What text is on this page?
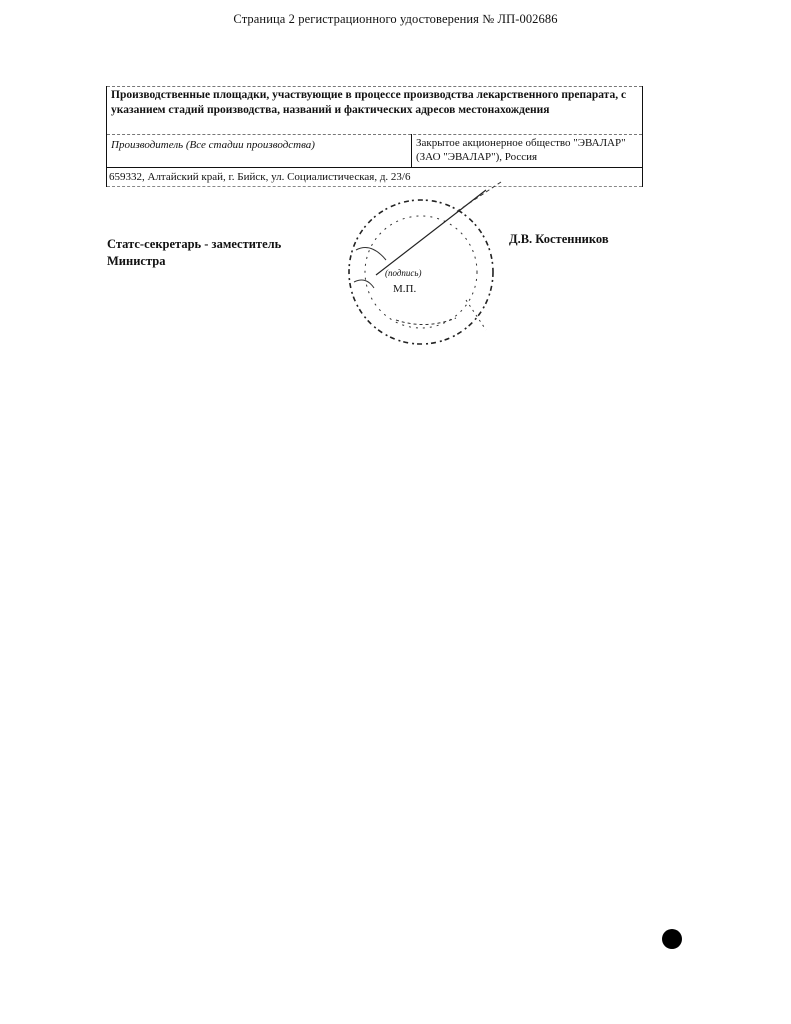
Страница 2 регистрационного удостоверения № ЛП-002686
Производственные площадки, участвующие в процессе производства лекарственного препарата, с указанием стадий производства, названий и фактических адресов местонахождения
Производитель (Все стадии производства)	Закрытое акционерное общество "ЭВАЛАР" (ЗАО "ЭВАЛАР"), Россия
659332, Алтайский край, г. Бийск, ул. Социалистическая, д. 23/6
Статс-секретарь - заместитель Министра
Д.В. Костенников
(подпись)
М.П.
